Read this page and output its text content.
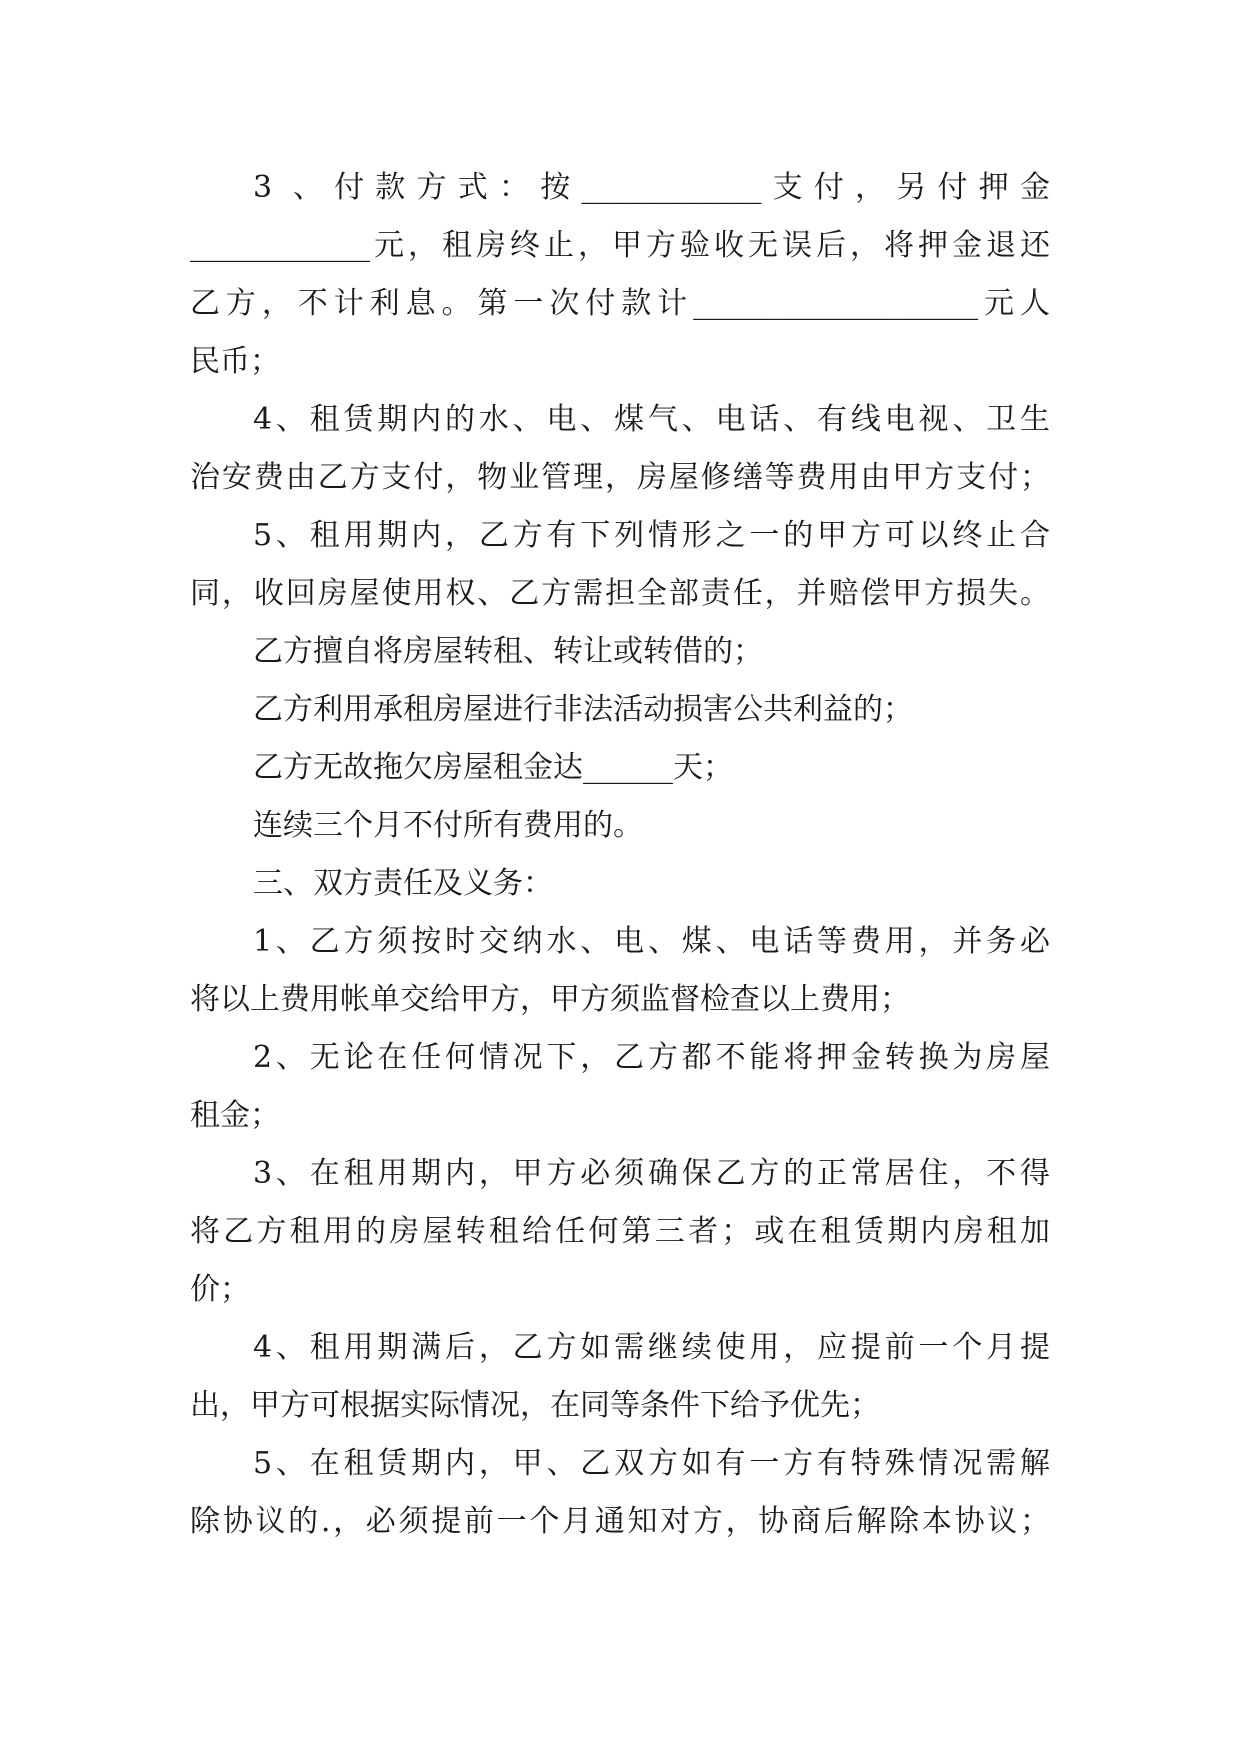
3 、付款方式：按____________支付，另付押金
____________元，租房终止，甲方验收无误后，将押金退还
乙方，不计利息。第一次付款计___________________元人
民币；
4、租赁期内的水、电、煤气、电话、有线电视、卫生
治安费由乙方支付，物业管理，房屋修缮等费用由甲方支付；
5、租用期内，乙方有下列情形之一的甲方可以终止合
同，收回房屋使用权、乙方需担全部责任，并赔偿甲方损失。
乙方擅自将房屋转租、转让或转借的；
乙方利用承租房屋进行非法活动损害公共利益的；
乙方无故拖欠房屋租金达______天；
连续三个月不付所有费用的。
三、双方责任及义务：
1、乙方须按时交纳水、电、煤、电话等费用，并务必
将以上费用帐单交给甲方，甲方须监督检查以上费用；
2、无论在任何情况下，乙方都不能将押金转换为房屋
租金；
3、在租用期内，甲方必须确保乙方的正常居住，不得
将乙方租用的房屋转租给任何第三者；或在租赁期内房租加
价；
4、租用期满后，乙方如需继续使用，应提前一个月提
出，甲方可根据实际情况，在同等条件下给予优先；
5、在租赁期内，甲、乙双方如有一方有特殊情况需解
除协议的.，必须提前一个月通知对方，协商后解除本协议；
